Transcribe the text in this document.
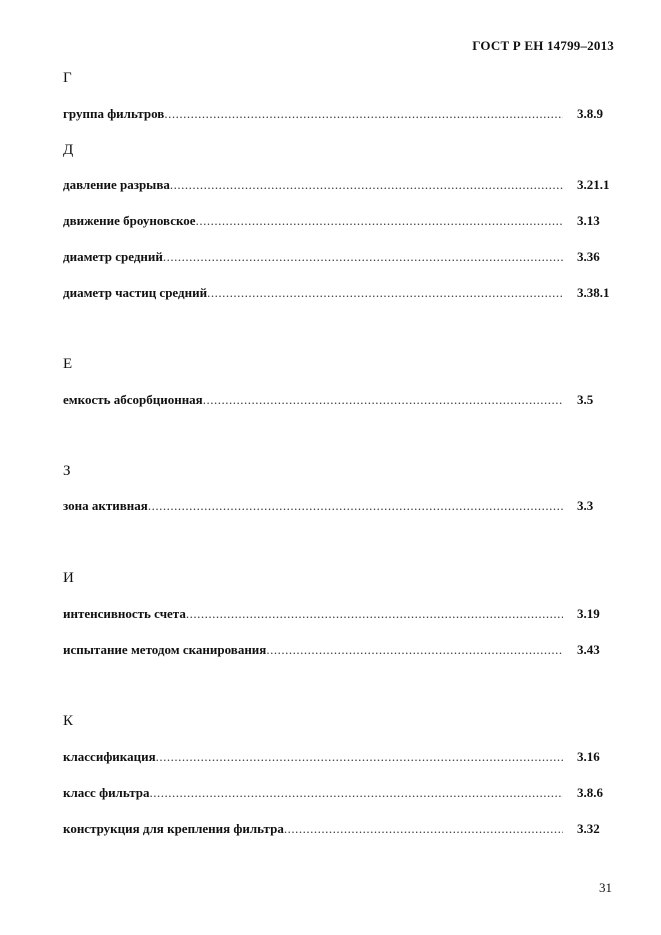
ГОСТ Р ЕН 14799–2013
Г
группа фильтров .....	3.8.9
Д
давление разрыва .....	3.21.1
движение броуновское .....	3.13
диаметр средний .....	3.36
диаметр частиц средний .....	3.38.1
Е
емкость абсорбционная .....	3.5
З
зона активная .....	3.3
И
интенсивность счета .....	3.19
испытание методом сканирования .....	3.43
К
классификация .....	3.16
класс фильтра .....	3.8.6
конструкция для крепления фильтра .....	3.32
31
